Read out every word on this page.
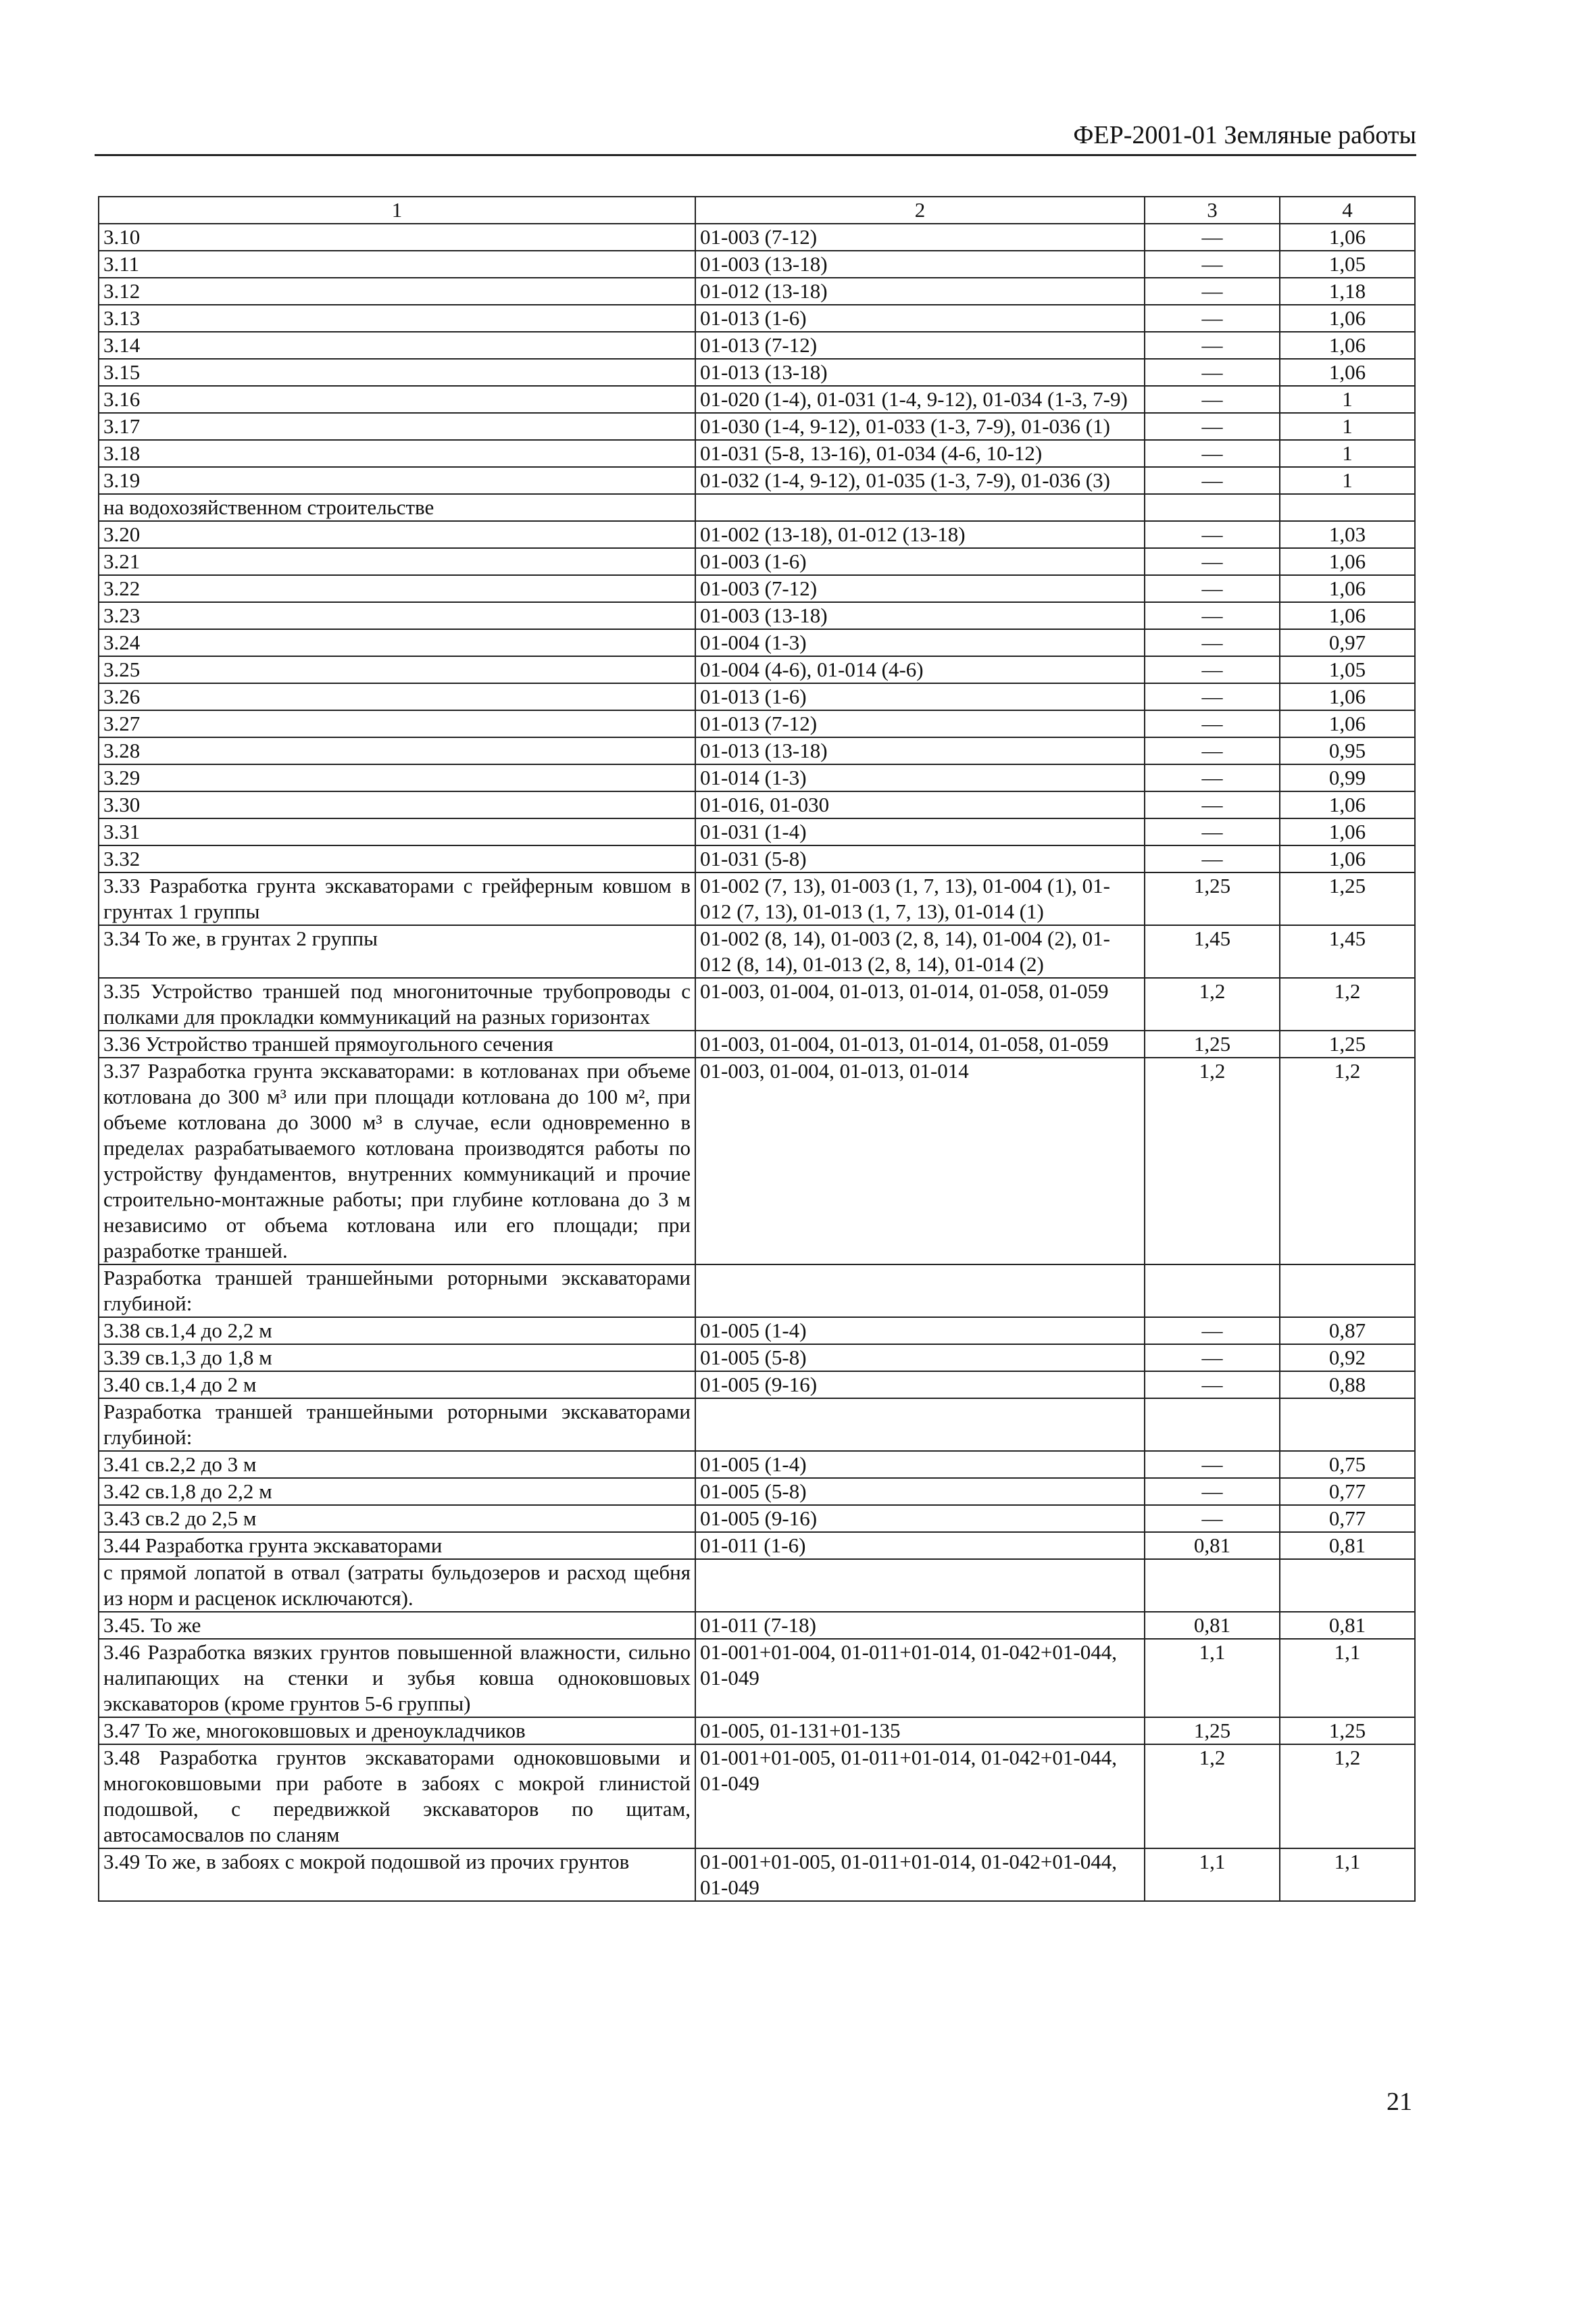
ФЕР-2001-01 Земляные работы
1	2	3	4
3.10	01-003 (7-12)	—	1,06
3.11	01-003 (13-18)	—	1,05
3.12	01-012 (13-18)	—	1,18
3.13	01-013 (1-6)	—	1,06
3.14	01-013 (7-12)	—	1,06
3.15	01-013 (13-18)	—	1,06
3.16	01-020 (1-4), 01-031 (1-4, 9-12), 01-034 (1-3, 7-9)	—	1
3.17	01-030 (1-4, 9-12), 01-033 (1-3, 7-9), 01-036 (1)	—	1
3.18	01-031 (5-8, 13-16), 01-034 (4-6, 10-12)	—	1
3.19	01-032 (1-4, 9-12), 01-035 (1-3, 7-9), 01-036 (3)	—	1
на водохозяйственном строительстве			
3.20	01-002 (13-18), 01-012 (13-18)	—	1,03
3.21	01-003 (1-6)	—	1,06
3.22	01-003 (7-12)	—	1,06
3.23	01-003 (13-18)	—	1,06
3.24	01-004 (1-3)	—	0,97
3.25	01-004 (4-6), 01-014 (4-6)	—	1,05
3.26	01-013 (1-6)	—	1,06
3.27	01-013 (7-12)	—	1,06
3.28	01-013 (13-18)	—	0,95
3.29	01-014 (1-3)	—	0,99
3.30	01-016, 01-030	—	1,06
3.31	01-031 (1-4)	—	1,06
3.32	01-031 (5-8)	—	1,06
3.33 Разработка грунта экскаваторами с грейферным ковшом в грунтах 1 группы	01-002 (7, 13), 01-003 (1, 7, 13), 01-004 (1), 01-012 (7, 13), 01-013 (1, 7, 13), 01-014 (1)	1,25	1,25
3.34 То же, в грунтах 2 группы	01-002 (8, 14), 01-003 (2, 8, 14), 01-004 (2), 01-012 (8, 14), 01-013 (2, 8, 14), 01-014 (2)	1,45	1,45
3.35 Устройство траншей под многониточные трубопроводы с полками для прокладки коммуникаций на разных горизонтах	01-003, 01-004, 01-013, 01-014, 01-058, 01-059	1,2	1,2
3.36 Устройство траншей прямоугольного сечения	01-003, 01-004, 01-013, 01-014, 01-058, 01-059	1,25	1,25
3.37 Разработка грунта экскаваторами: в котлованах при объеме котлована до 300 м³ или при площади котлована до 100 м², при объеме котлована до 3000 м³ в случае, если одновременно в пределах разрабатываемого котлована производятся работы по устройству фундаментов, внутренних коммуникаций и прочие строительно-монтажные работы; при глубине котлована до 3 м независимо от объема котлована или его площади; при разработке траншей.	01-003, 01-004, 01-013, 01-014	1,2	1,2
Разработка траншей траншейными роторными экскаваторами глубиной:			
3.38 св.1,4 до 2,2 м	01-005 (1-4)	—	0,87
3.39 св.1,3 до 1,8 м	01-005 (5-8)	—	0,92
3.40 св.1,4 до 2 м	01-005 (9-16)	—	0,88
Разработка траншей траншейными роторными экскаваторами глубиной:			
3.41 св.2,2 до 3 м	01-005 (1-4)	—	0,75
3.42 св.1,8 до 2,2 м	01-005 (5-8)	—	0,77
3.43 св.2 до 2,5 м	01-005 (9-16)	—	0,77
3.44 Разработка грунта экскаваторами	01-011 (1-6)	0,81	0,81
с прямой лопатой в отвал (затраты бульдозеров и расход щебня из норм и расценок исключаются).			
3.45. То же	01-011 (7-18)	0,81	0,81
3.46 Разработка вязких грунтов повышенной влажности, сильно налипающих на стенки и зубья ковша одноковшовых экскаваторов (кроме грунтов 5-6 группы)	01-001+01-004, 01-011+01-014, 01-042+01-044, 01-049	1,1	1,1
3.47 То же, многоковшовых и дреноукладчиков	01-005, 01-131+01-135	1,25	1,25
3.48 Разработка грунтов экскаваторами одноковшовыми и многоковшовыми при работе в забоях с мокрой глинистой подошвой, с передвижкой экскаваторов по щитам, автосамосвалов по сланям	01-001+01-005, 01-011+01-014, 01-042+01-044, 01-049	1,2	1,2
3.49 То же, в забоях с мокрой подошвой из прочих грунтов	01-001+01-005, 01-011+01-014, 01-042+01-044, 01-049	1,1	1,1
21
